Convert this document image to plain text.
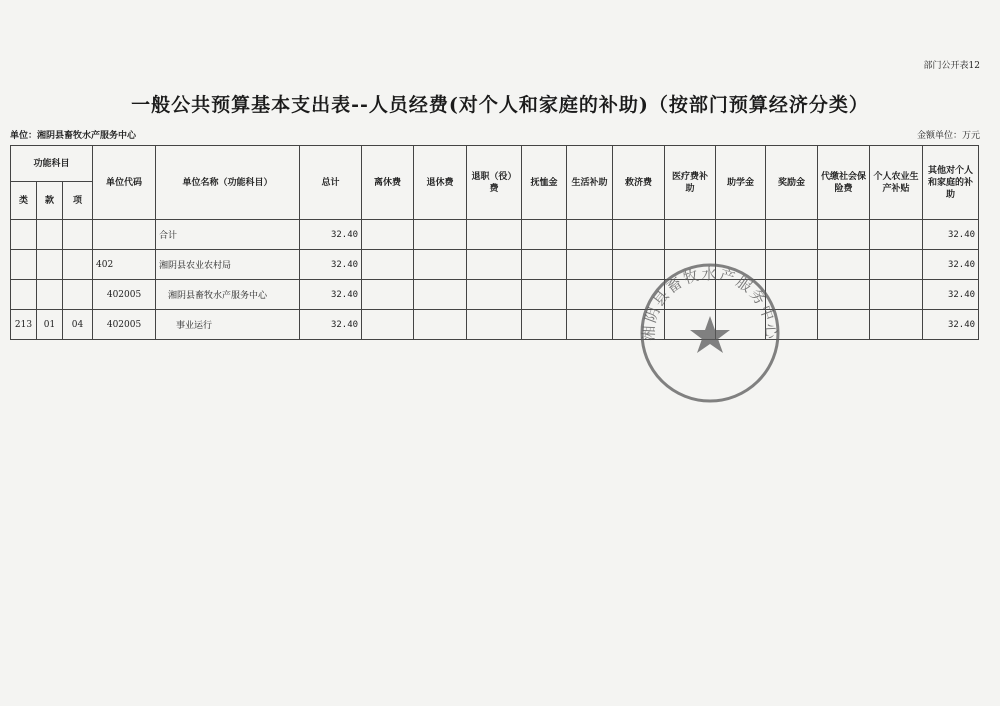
部门公开表12
一般公共预算基本支出表--人员经费(对个人和家庭的补助)（按部门预算经济分类）
单位：湘阴县畜牧水产服务中心	金额单位：万元
功能科目			单位代码	单位名称（功能科目）	总计	离休费	退休费	退职（役）费	抚恤金	生活补助	救济费	医疗费补助	助学金	奖励金	代缴社会保险费	个人农业生产补贴	其他对个人和家庭的补助
类	款	项															
				合计	32.40												32.40
			402	湘阴县农业农村局	32.40												32.40
			402005	湘阴县畜牧水产服务中心	32.40												32.40
213	01	04	402005	事业运行	32.40												32.40
湘阴县畜牧水产服务中心
